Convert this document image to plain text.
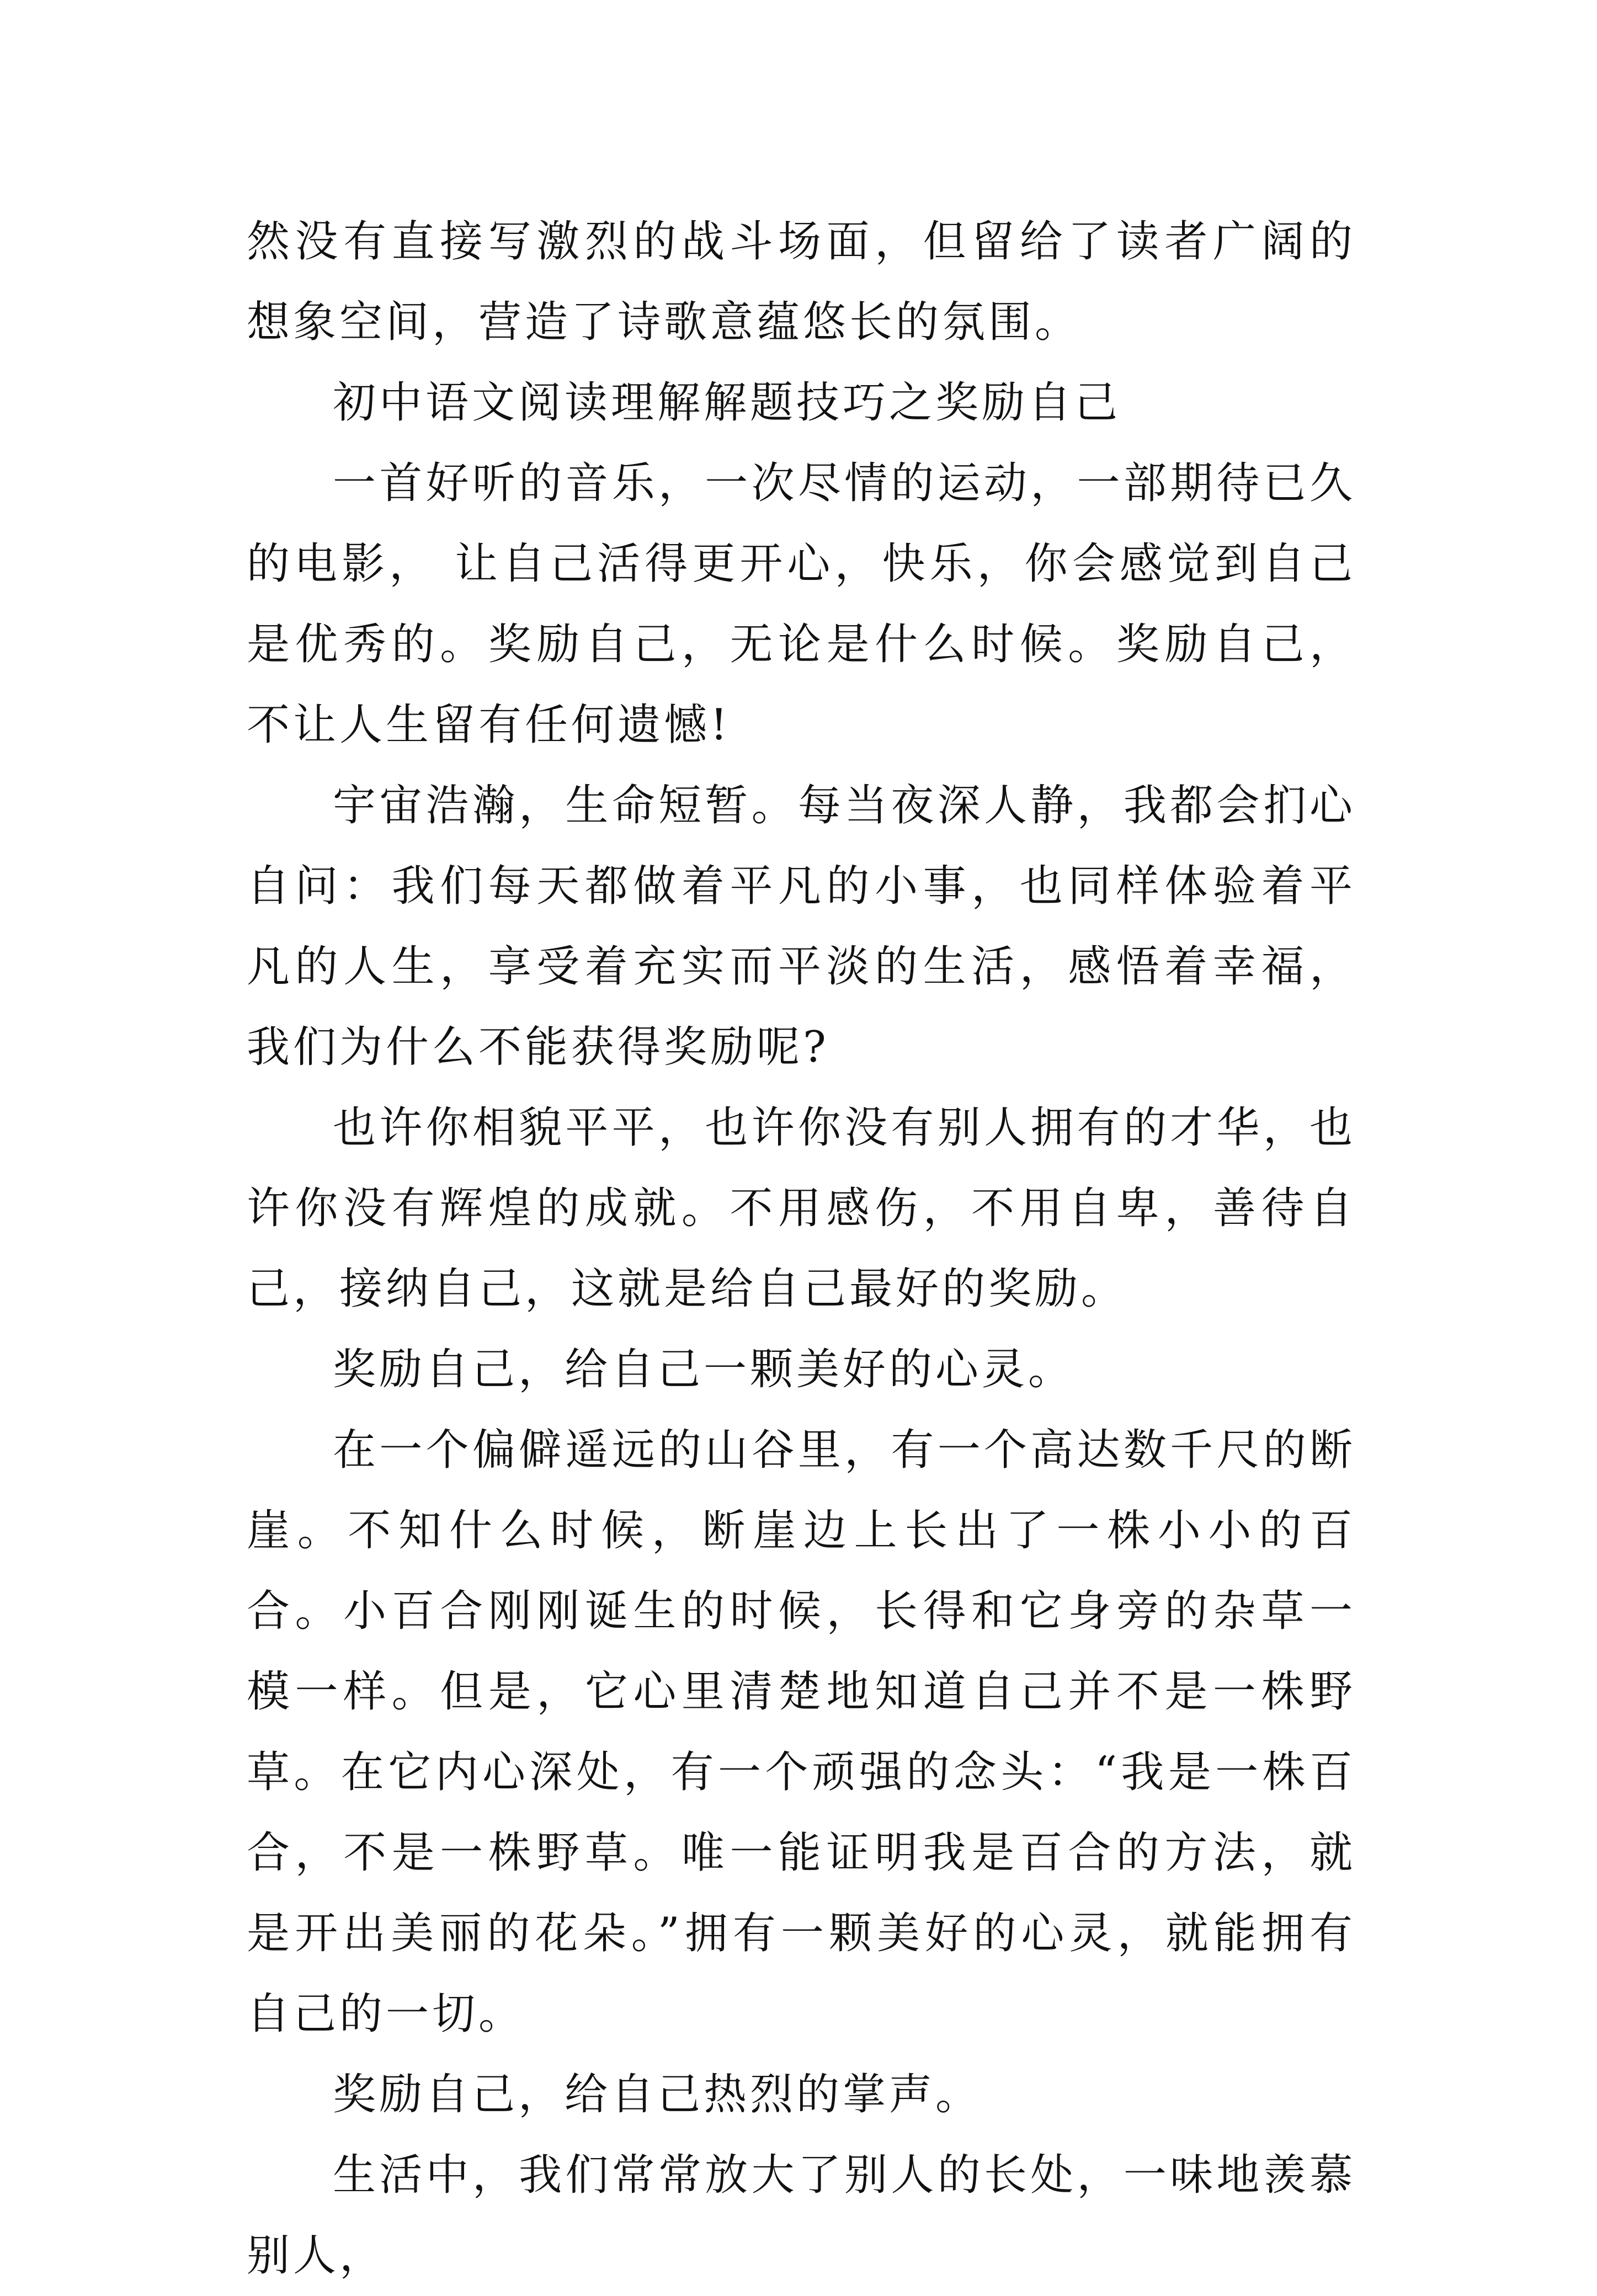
然没有直接写激烈的战斗场面，但留给了读者广阔的想象空间，营造了诗歌意蕴悠长的氛围。

初中语文阅读理解解题技巧之奖励自己

一首好听的音乐，一次尽情的运动，一部期待已久的电影， 让自己活得更开心，快乐，你会感觉到自己是优秀的。奖励自己，无论是什么时候。奖励自己，不让人生留有任何遗憾!

宇宙浩瀚，生命短暂。每当夜深人静，我都会扪心自问：我们每天都做着平凡的小事，也同样体验着平凡的人生，享受着充实而平淡的生活，感悟着幸福，我们为什么不能获得奖励呢?

也许你相貌平平，也许你没有别人拥有的才华，也许你没有辉煌的成就。不用感伤，不用自卑，善待自己，接纳自己，这就是给自己最好的奖励。

奖励自己，给自己一颗美好的心灵。

在一个偏僻遥远的山谷里，有一个高达数千尺的断崖。不知什么时候，断崖边上长出了一株小小的百合。小百合刚刚诞生的时候，长得和它身旁的杂草一模一样。但是，它心里清楚地知道自己并不是一株野草。在它内心深处，有一个顽强的念头：“我是一株百合，不是一株野草。唯一能证明我是百合的方法，就是开出美丽的花朵。”拥有一颗美好的心灵，就能拥有自己的一切。

奖励自己，给自己热烈的掌声。

生活中，我们常常放大了别人的长处，一味地羡慕别人，
